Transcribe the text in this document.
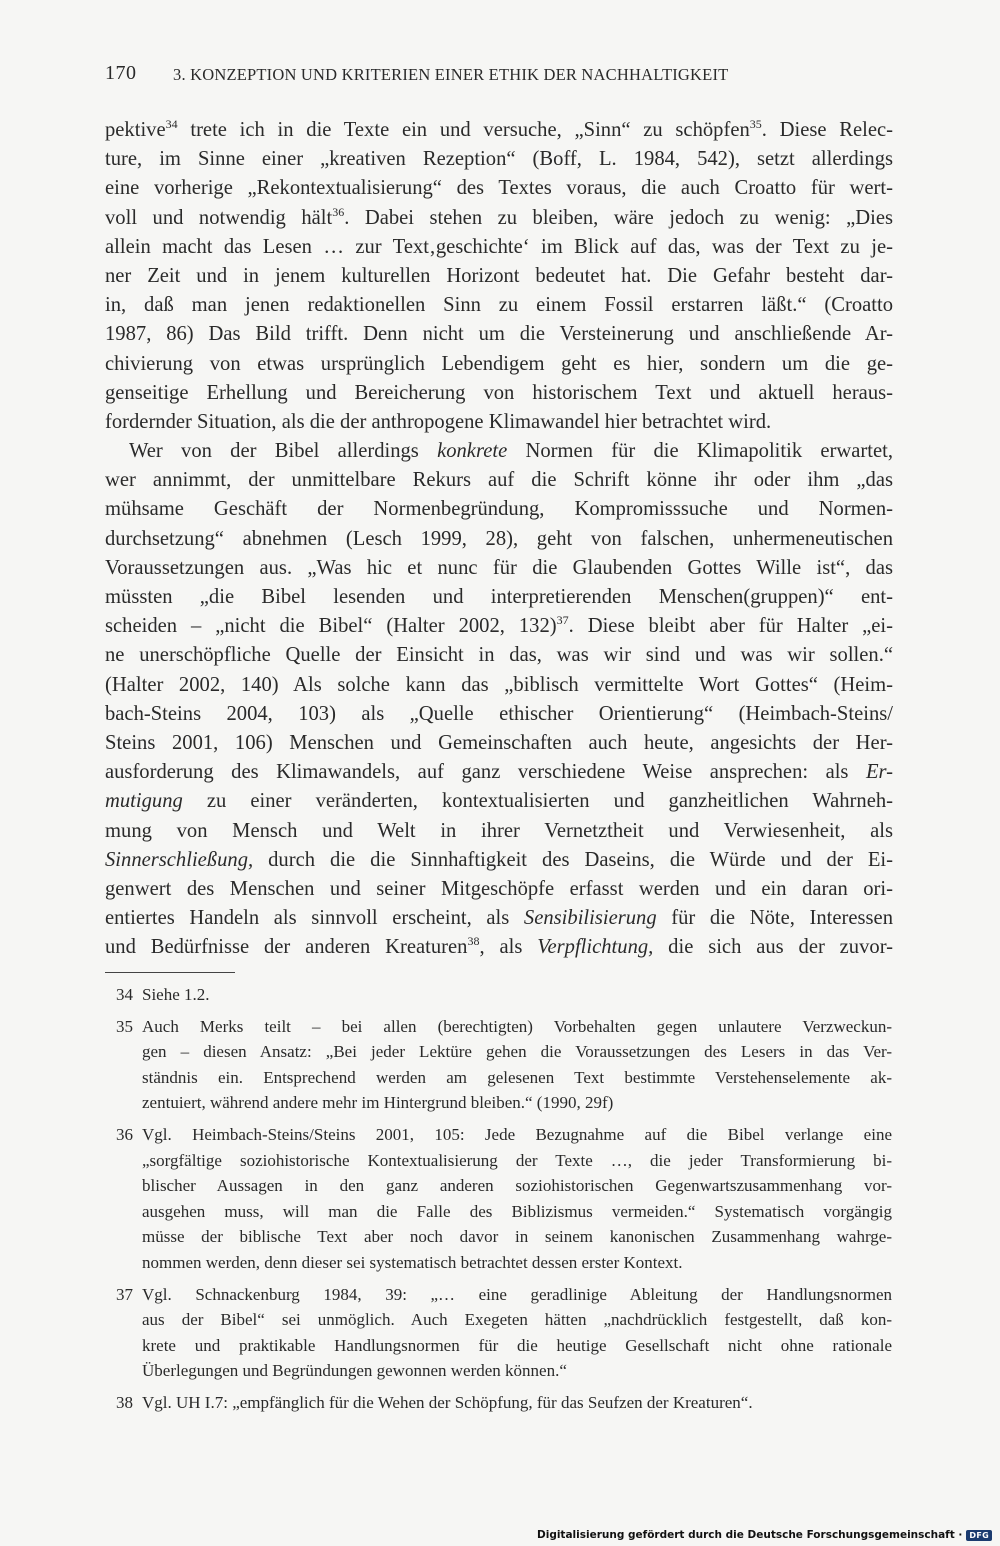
170 3. KONZEPTION UND KRITERIEN EINER ETHIK DER NACHHALTIGKEIT
pektive$^{34}$ trete ich in die Texte ein und versuche, „Sinn“ zu schöpfen$^{35}$. Diese Relec-
ture, im Sinne einer „kreativen Rezeption“ (Boff, L. 1984, 542), setzt allerdings
eine vorherige „Rekontextualisierung“ des Textes voraus, die auch Croatto für wert-
voll und notwendig hält$^{36}$. Dabei stehen zu bleiben, wäre jedoch zu wenig: „Dies
allein macht das Lesen … zur Text‚geschichte‘ im Blick auf das, was der Text zu je-
ner Zeit und in jenem kulturellen Horizont bedeutet hat. Die Gefahr besteht dar-
in, daß man jenen redaktionellen Sinn zu einem Fossil erstarren läßt.“ (Croatto
1987, 86) Das Bild trifft. Denn nicht um die Versteinerung und anschließende Ar-
chivierung von etwas ursprünglich Lebendigem geht es hier, sondern um die ge-
genseitige Erhellung und Bereicherung von historischem Text und aktuell heraus-
fordernder Situation, als die der anthropogene Klimawandel hier betrachtet wird.
Wer von der Bibel allerdings konkrete Normen für die Klimapolitik erwartet,
wer annimmt, der unmittelbare Rekurs auf die Schrift könne ihr oder ihm „das
mühsame Geschäft der Normenbegründung, Kompromisssuche und Normen-
durchsetzung“ abnehmen (Lesch 1999, 28), geht von falschen, unhermeneutischen
Voraussetzungen aus. „Was hic et nunc für die Glaubenden Gottes Wille ist“, das
müssten „die Bibel lesenden und interpretierenden Menschen(gruppen)“ ent-
scheiden – „nicht die Bibel“ (Halter 2002, 132)$^{37}$. Diese bleibt aber für Halter „ei-
ne unerschöpfliche Quelle der Einsicht in das, was wir sind und was wir sollen.“
(Halter 2002, 140) Als solche kann das „biblisch vermittelte Wort Gottes“ (Heim-
bach-Steins 2004, 103) als „Quelle ethischer Orientierung“ (Heimbach-Steins/
Steins 2001, 106) Menschen und Gemeinschaften auch heute, angesichts der Her-
ausforderung des Klimawandels, auf ganz verschiedene Weise ansprechen: als Er-
mutigung zu einer veränderten, kontextualisierten und ganzheitlichen Wahrneh-
mung von Mensch und Welt in ihrer Vernetztheit und Verwiesenheit, als
Sinnerschließung, durch die die Sinnhaftigkeit des Daseins, die Würde und der Ei-
genwert des Menschen und seiner Mitgeschöpfe erfasst werden und ein daran ori-
entiertes Handeln als sinnvoll erscheint, als Sensibilisierung für die Nöte, Interessen
und Bedürfnisse der anderen Kreaturen$^{38}$, als Verpflichtung, die sich aus der zuvor-
34 Siehe 1.2.
35 Auch Merks teilt – bei allen (berechtigten) Vorbehalten gegen unlautere Verzweckun-
gen – diesen Ansatz: „Bei jeder Lektüre gehen die Voraussetzungen des Lesers in das Ver-
ständnis ein. Entsprechend werden am gelesenen Text bestimmte Verstehenselemente ak-
zentuiert, während andere mehr im Hintergrund bleiben.“ (1990, 29f)
36 Vgl. Heimbach-Steins/Steins 2001, 105: Jede Bezugnahme auf die Bibel verlange eine
„sorgfältige soziohistorische Kontextualisierung der Texte …, die jeder Transformierung bi-
blischer Aussagen in den ganz anderen soziohistorischen Gegenwartszusammenhang vor-
ausgehen muss, will man die Falle des Biblizismus vermeiden.“ Systematisch vorgängig
müsse der biblische Text aber noch davor in seinem kanonischen Zusammenhang wahrge-
nommen werden, denn dieser sei systematisch betrachtet dessen erster Kontext.
37 Vgl. Schnackenburg 1984, 39: „… eine geradlinige Ableitung der Handlungsnormen
aus der Bibel“ sei unmöglich. Auch Exegeten hätten „nachdrücklich festgestellt, daß kon-
krete und praktikable Handlungsnormen für die heutige Gesellschaft nicht ohne rationale
Überlegungen und Begründungen gewonnen werden können.“
38 Vgl. UH I.7: „empfänglich für die Wehen der Schöpfung, für das Seufzen der Kreaturen“.
Digitalisierung gefördert durch die Deutsche Forschungsgemeinschaft · DFG
